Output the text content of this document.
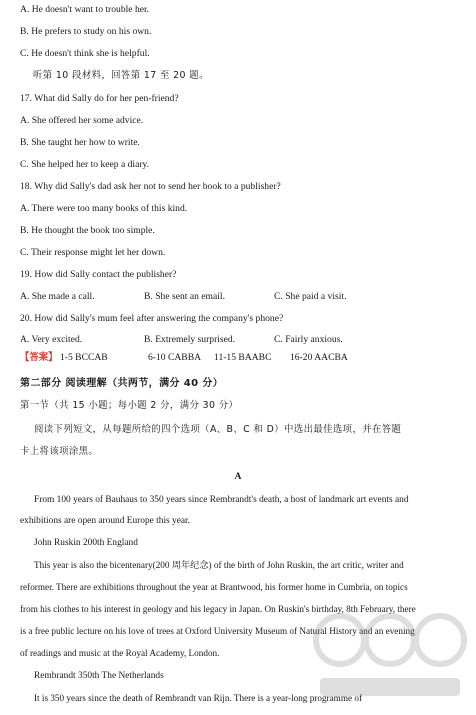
A. He doesn't want to trouble her.
B. He prefers to study on his own.
C. He doesn't think she is helpful.
听第 10 段材料，回答第 17 至 20 题。
17. What did Sally do for her pen-friend?
A. She offered her some advice.
B. She taught her how to write.
C. She helped her to keep a diary.
18. Why did Sally's dad ask her not to send her book to a publisher?
A. There were too many books of this kind.
B. He thought the book too simple.
C. Their response might let her down.
19. How did Sally contact the publisher?
A. She made a call.	B. She sent an email.	C. She paid a visit.
20. How did Sally's mum feel after answering the company's phone?
A. Very excited.	B. Extremely surprised.	C. Fairly anxious.
【答案】 1-5 BCCAB	6-10 CABBA 11-15 BAABC 16-20 AACBA
第二部分 阅读理解（共两节，满分 40 分）
第一节（共 15 小题；每小题 2 分，满分 30 分）
阅读下列短文，从每题所给的四个选项（A、B、C 和 D）中选出最佳选项，并在答题
卡上将该项涂黑。
A
From 100 years of Bauhaus to 350 years since Rembrandt's death, a host of landmark art events and
exhibitions are open around Europe this year.
John Ruskin 200th England
This year is also the bicentenary(200 周年纪念) of the birth of John Ruskin, the art critic, writer and
reformer. There are exhibitions throughout the year at Brantwood, his former home in Cumbria, on topics
from his clothes to his interest in geology and his legacy in Japan. On Ruskin's birthday, 8th February, there
is a free public lecture on his love of trees at Oxford University Museum of Natural History and an evening
of readings and music at the Royal Academy, London.
Rembrandt 350th The Netherlands
It is 350 years since the death of Rembrandt van Rijn. There is a year-long programme of
